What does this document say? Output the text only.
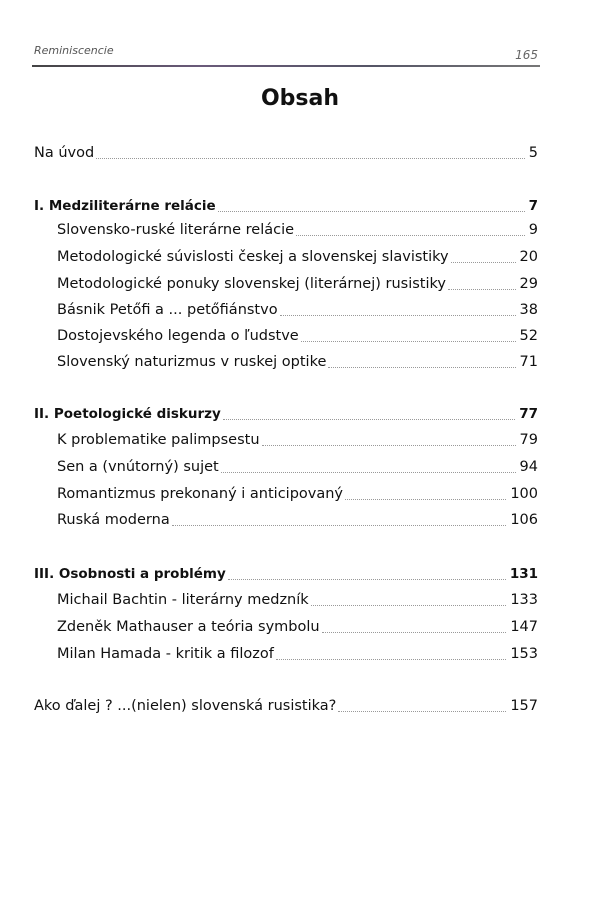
Reminiscencie	165
Obsah
Na úvod	5
I. Medziliterárne relácie	7
Slovensko-ruské literárne relácie	9
Metodologické súvislosti českej a slovenskej slavistiky	20
Metodologické ponuky slovenskej (literárnej) rusistiky	29
Básnik Petőfi a ... petőfiánstvo	38
Dostojevského legenda o ľudstve	52
Slovenský naturizmus v ruskej optike	71
II. Poetologické diskurzy	77
K problematike palimpsestu	79
Sen a (vnútorný) sujet	94
Romantizmus prekonaný i anticipovaný	100
Ruská moderna	106
III. Osobnosti a problémy	131
Michail Bachtin - literárny medzník	133
Zdeněk Mathauser a teória symbolu	147
Milan Hamada - kritik a filozof	153
Ako ďalej ? ...(nielen) slovenská rusistika?	157
